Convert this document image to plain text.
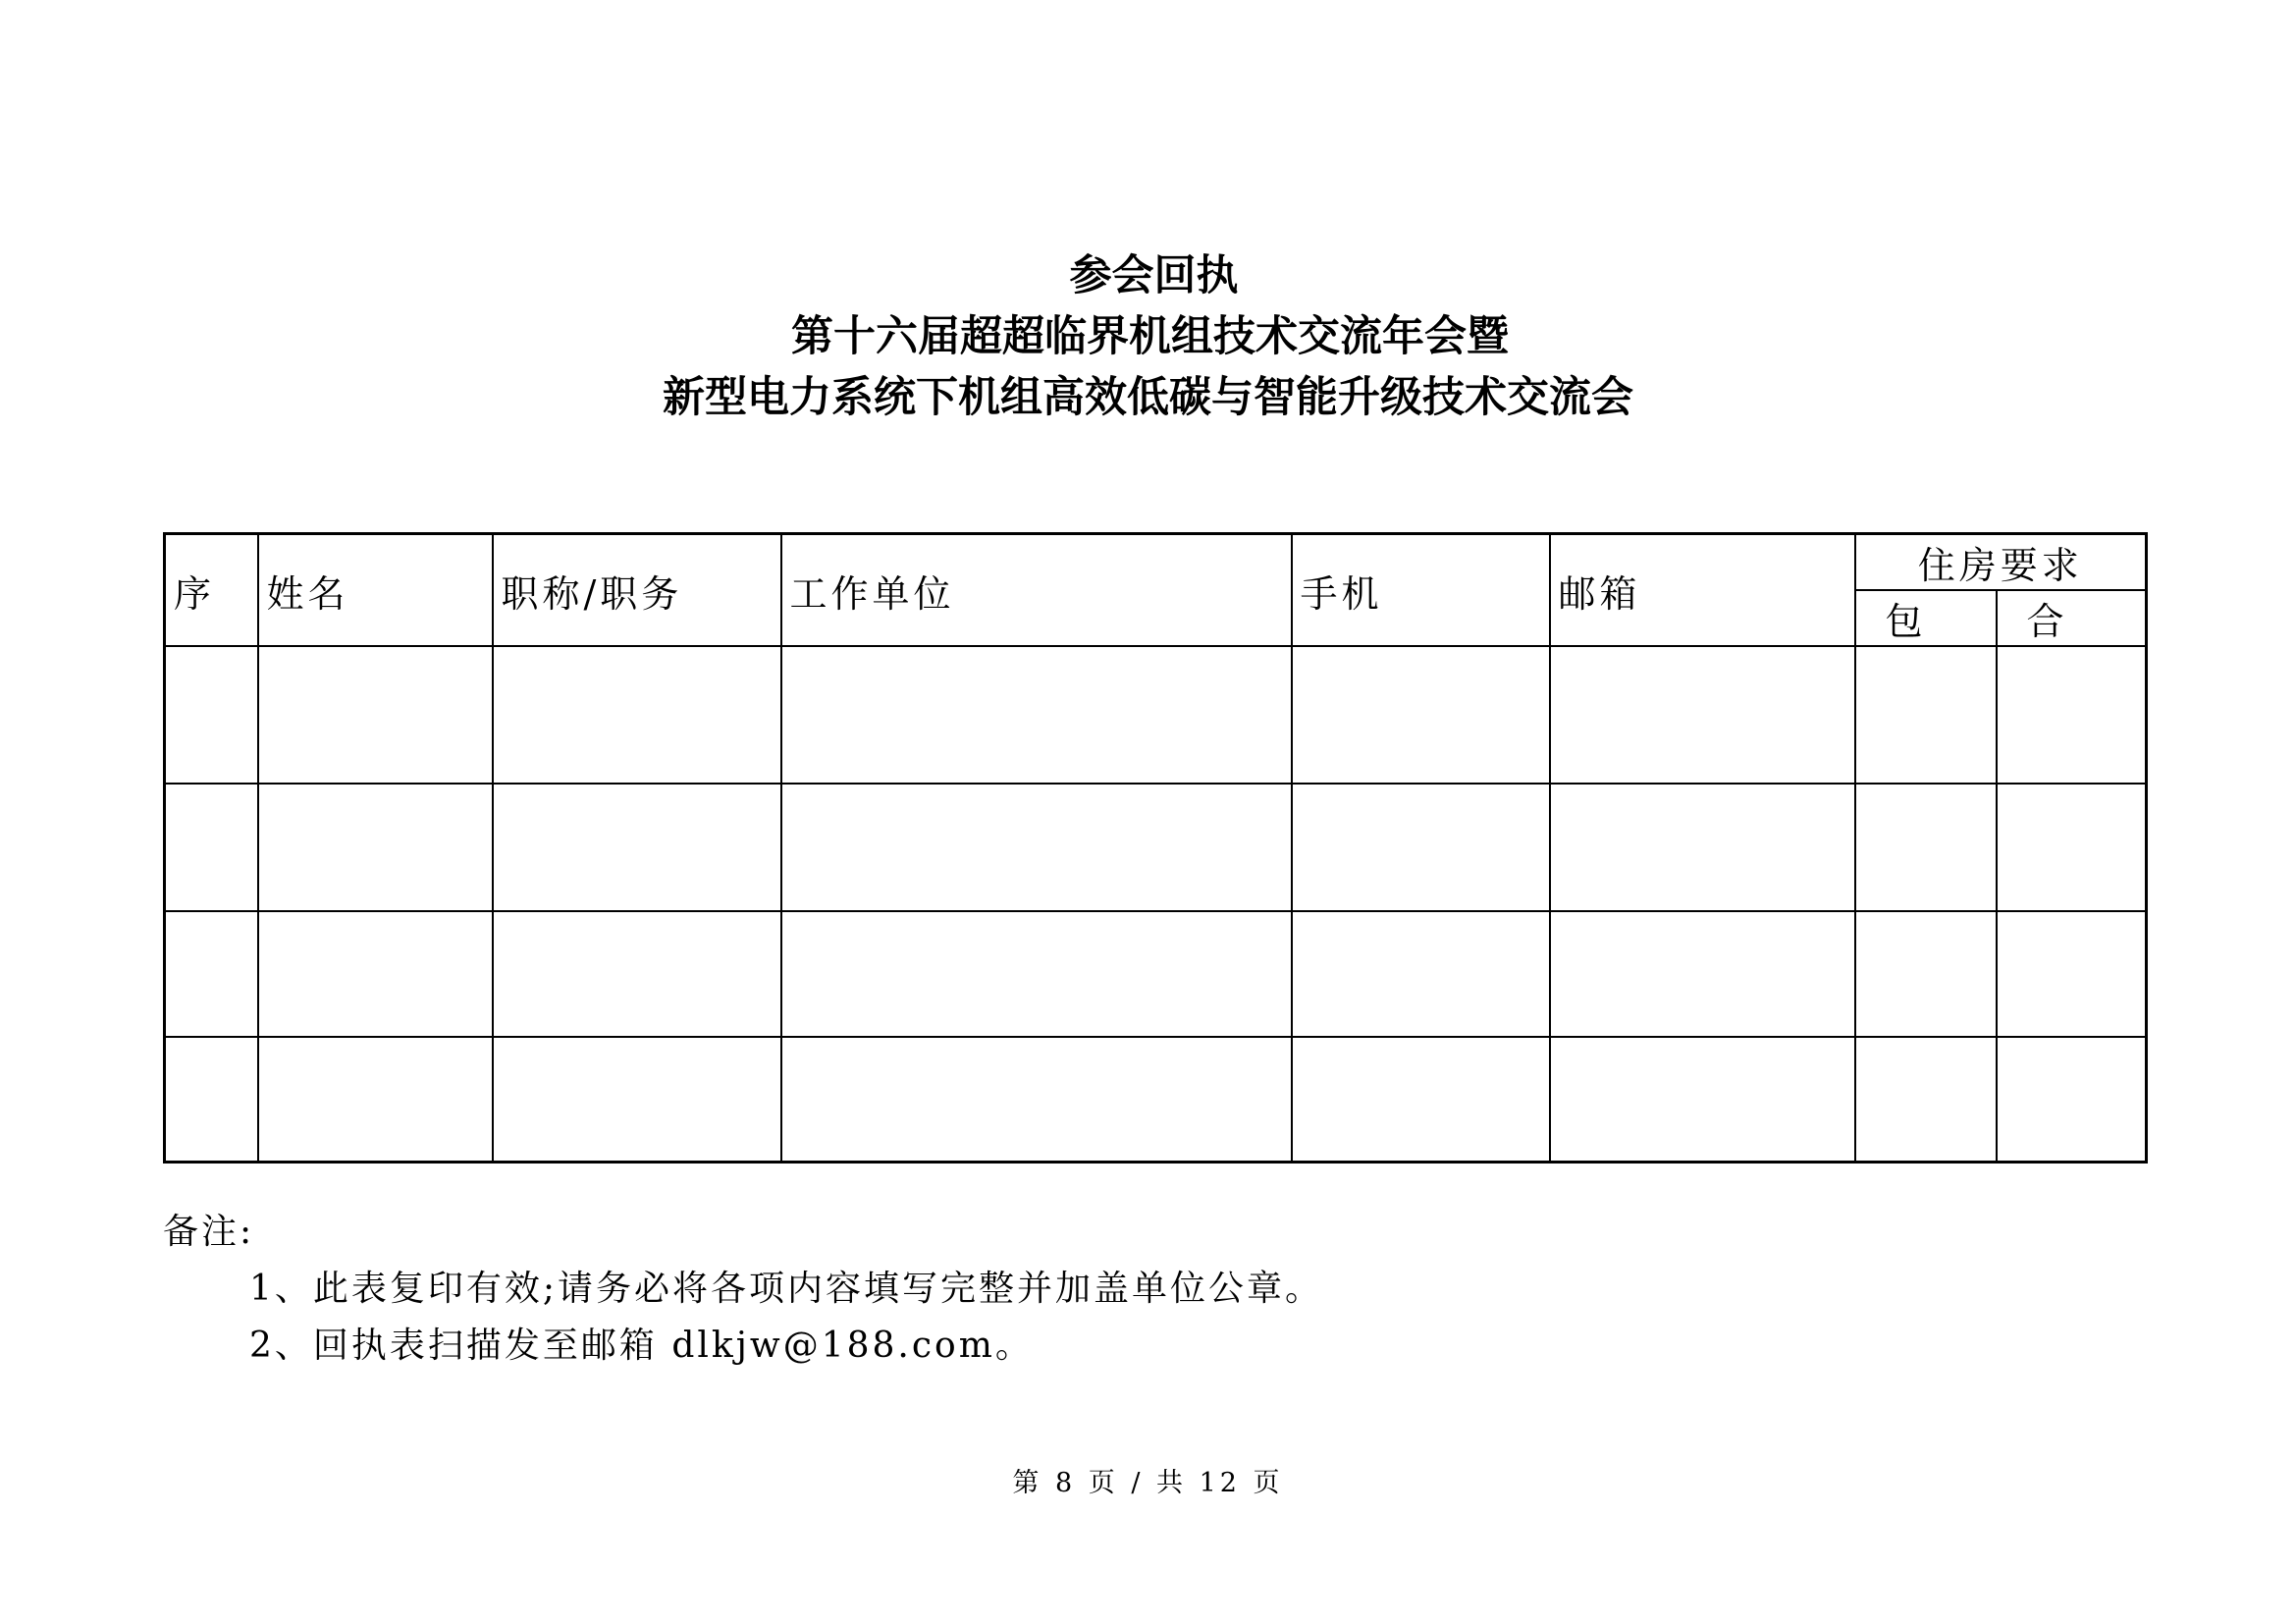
参会回执
第十六届超超临界机组技术交流年会暨
新型电力系统下机组高效低碳与智能升级技术交流会
序	姓名	职称/职务	工作单位	手机	邮箱	住房要求	
						包	合

备注:
1、此表复印有效;请务必将各项内容填写完整并加盖单位公章。
2、回执表扫描发至邮箱 dlkjw@188.com。
第 8 页 / 共 12 页
